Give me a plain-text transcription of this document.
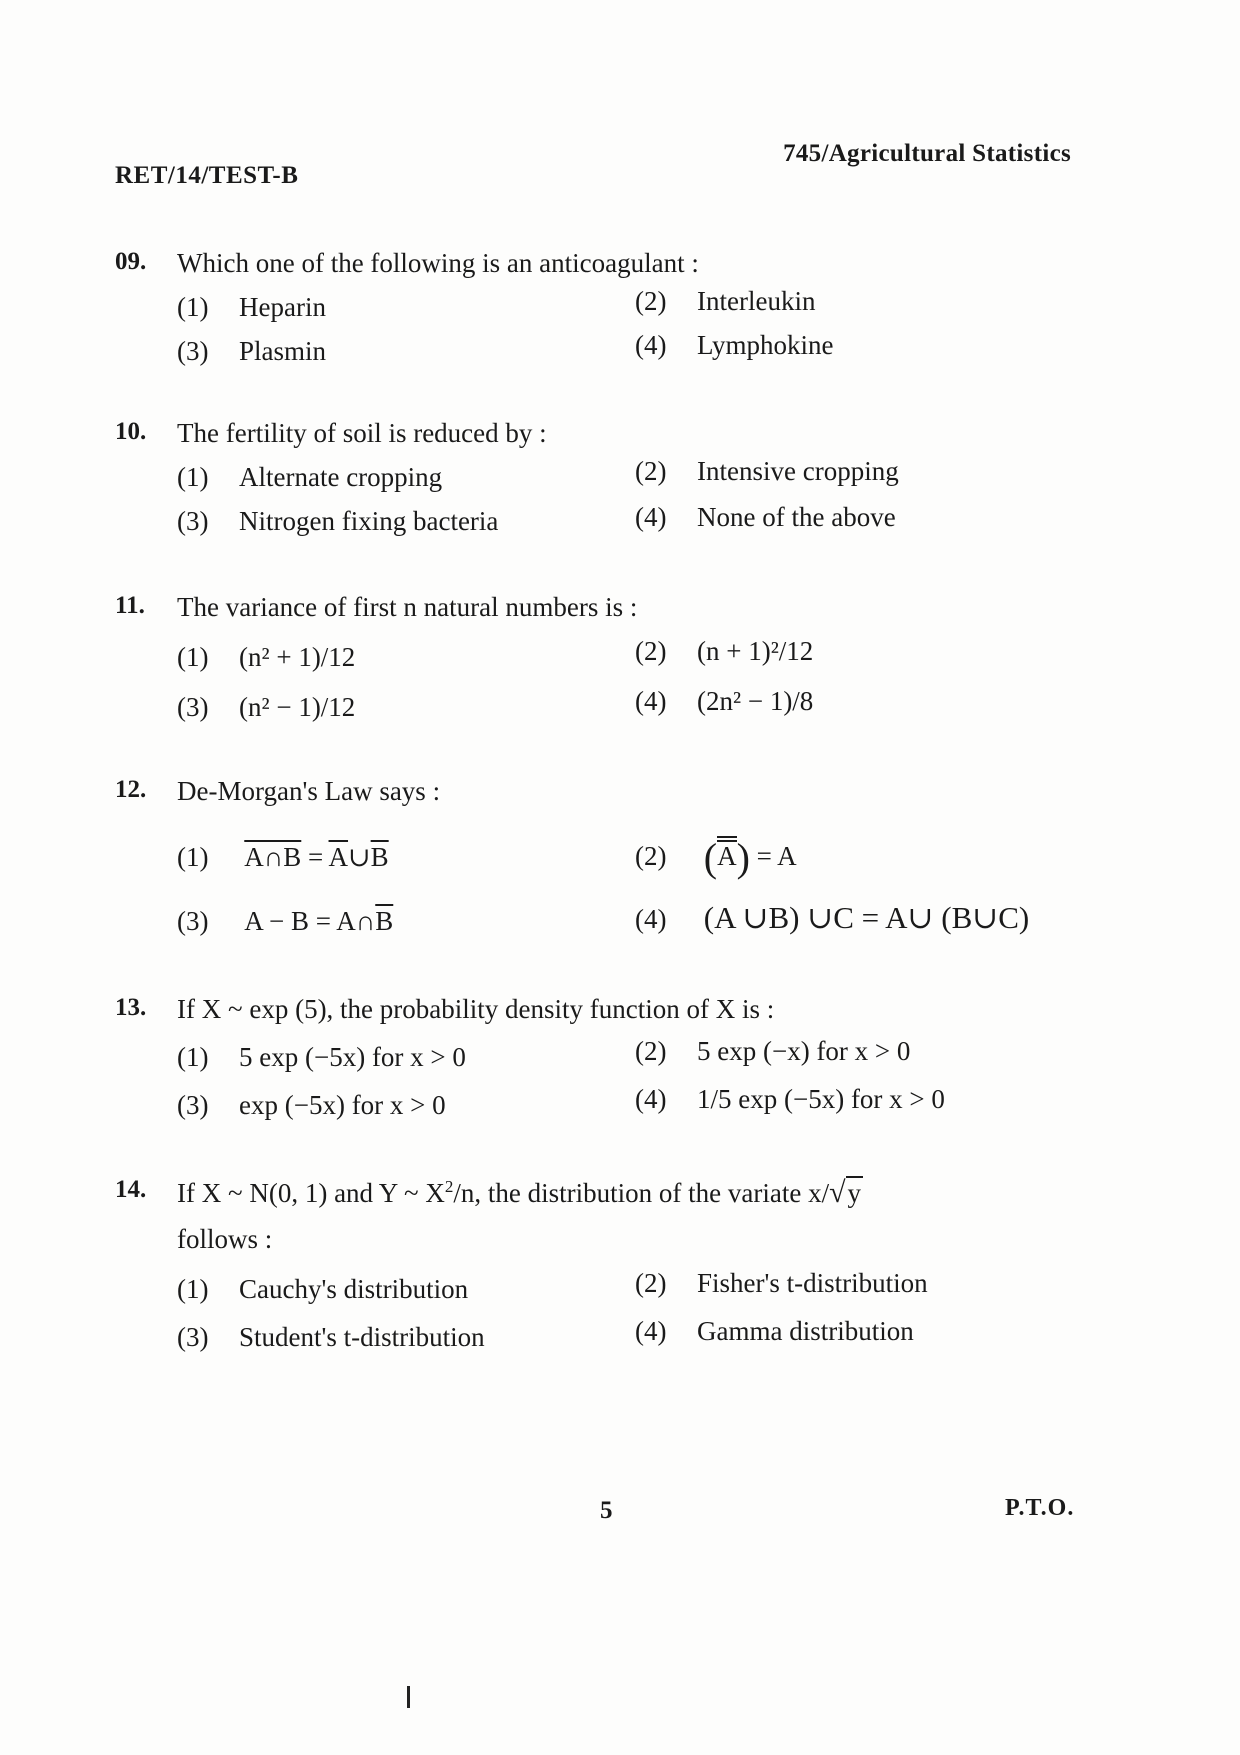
RET/14/TEST-B
745/Agricultural Statistics
09. Which one of the following is an anticoagulant :
(1) Heparin	(2) Interleukin
(3) Plasmin	(4) Lymphokine
10. The fertility of soil is reduced by :
(1) Alternate cropping	(2) Intensive cropping
(3) Nitrogen fixing bacteria	(4) None of the above
11. The variance of first n natural numbers is :
(1) (n² + 1)/12	(2) (n + 1)²/12
(3) (n² − 1)/12	(4) (2n² − 1)/8
12. De-Morgan's Law says :
(1) A∩B = $\overline{A}\cup\overline{B}$	(2) (A) = A
(3) $A - B = A\cap\overline{B}$	(4) (A ∪B) ∪C = A∪ (B∪C)
13. If X ~ exp (5), the probability density function of X is :
(1) 5 exp (−5x) for x > 0	(2) 5 exp (−x) for x > 0
(3) exp (−5x) for x > 0	(4) 1/5 exp (−5x) for x > 0
14. If X ~ N(0, 1) and Y ~ $X^2/n$, the distribution of the variate x/√y
follows :
(1) Cauchy's distribution	(2) Fisher's t-distribution
(3) Student's t-distribution	(4) Gamma distribution
5	P.T.O.
